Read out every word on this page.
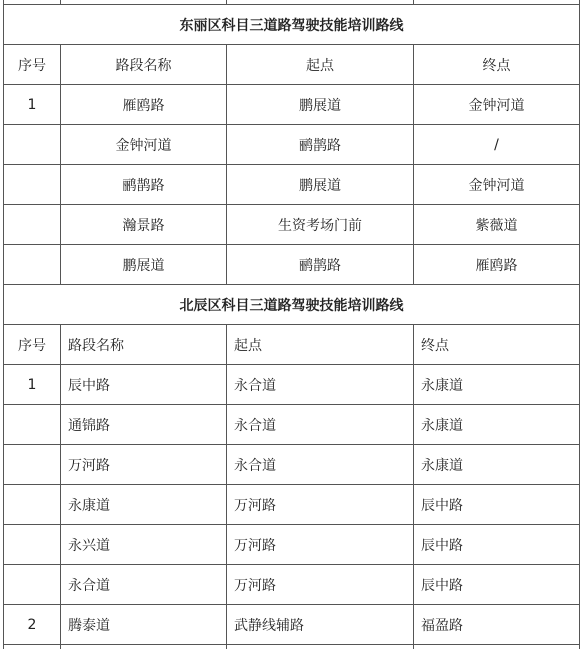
东丽区科目三道路驾驶技能培训路线			
序号	路段名称	起点	终点
1	雁鸥路	鹏展道	金钟河道
	金钟河道	鹂鹊路	/
	鹂鹊路	鹏展道	金钟河道
	瀚景路	生资考场门前	紫薇道
	鹏展道	鹂鹊路	雁鸥路
北辰区科目三道路驾驶技能培训路线			
序号	路段名称	起点	终点
1	辰中路	永合道	永康道
	通锦路	永合道	永康道
	万河路	永合道	永康道
	永康道	万河路	辰中路
	永兴道	万河路	辰中路
	永合道	万河路	辰中路
2	腾泰道	武静线辅路	福盈路
